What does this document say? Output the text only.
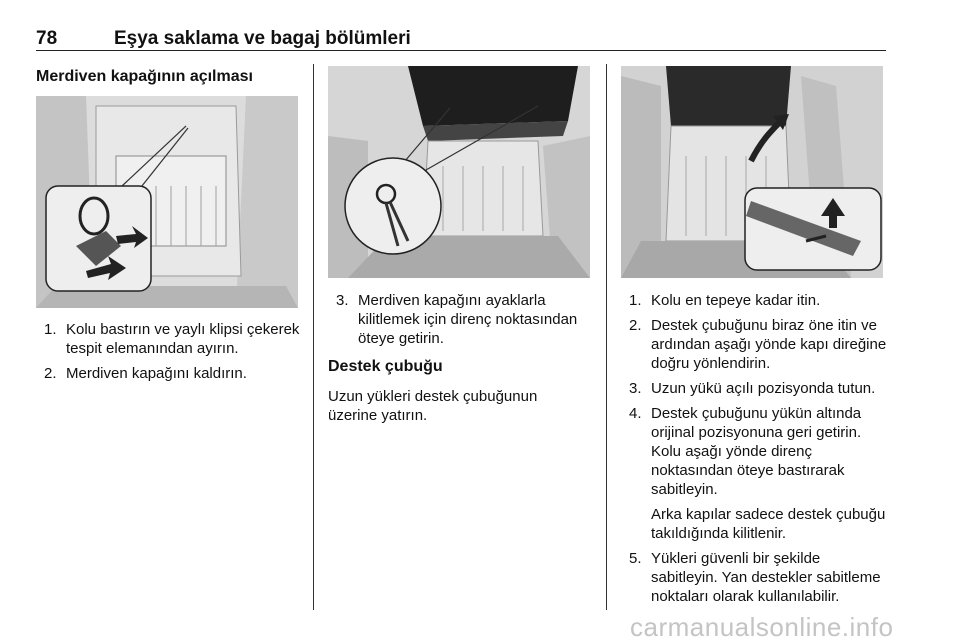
78	Eşya saklama ve bagaj bölümleri
Merdiven kapağının açılması
1. Kolu bastırın ve yaylı klipsi çekerek tespit elemanından ayırın.
2. Merdiven kapağını kaldırın.
3. Merdiven kapağını ayaklarla kilitlemek için direnç noktasından öteye getirin.
Destek çubuğu

Uzun yükleri destek çubuğunun üzerine yatırın.

1. Kolu en tepeye kadar itin.
2. Destek çubuğunu biraz öne itin ve ardından aşağı yönde kapı direğine doğru yönlendirin.
3. Uzun yükü açılı pozisyonda tutun.
4. Destek çubuğunu yükün altında orijinal pozisyonuna geri getirin. Kolu aşağı yönde direnç noktasından öteye bastırarak sabitleyin.
Arka kapılar sadece destek çubuğu takıldığında kilitlenir.
5. Yükleri güvenli bir şekilde sabitleyin. Yan destekler sabitleme noktaları olarak kullanılabilir.
carmanualsonline.info
